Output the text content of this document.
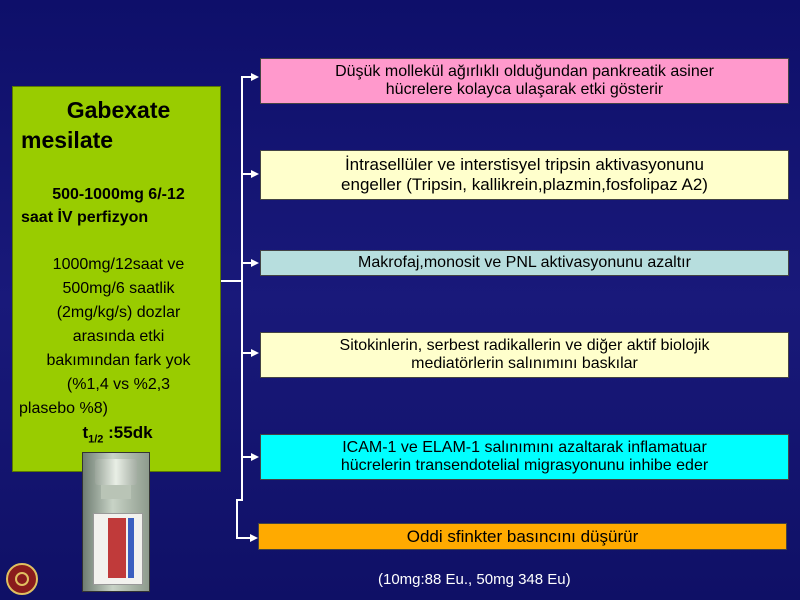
Gabexate
mesilate
500-1000mg 6/-12
saat İV perfizyon
1000mg/12saat ve
500mg/6 saatlik
(2mg/kg/s) dozlar
arasında etki
bakımından fark yok
(%1,4 vs %2,3
plasebo %8)
$t_{1/2}$ :55dk
Düşük mollekül ağırlıklı olduğundan pankreatik asiner
hücrelere kolayca ulaşarak etki gösterir
İntrasellüler ve interstisyel tripsin aktivasyonunu
engeller (Tripsin, kallikrein,plazmin,fosfolipaz A2)
Makrofaj,monosit ve PNL aktivasyonunu azaltır
Sitokinlerin, serbest radikallerin ve diğer aktif biolojik
mediatörlerin salınımını baskılar
ICAM-1 ve ELAM-1 salınımını azaltarak inflamatuar
hücrelerin transendotelial migrasyonunu inhibe eder
Oddi sfinkter basıncını düşürür
(10mg:88 Eu., 50mg 348 Eu)
